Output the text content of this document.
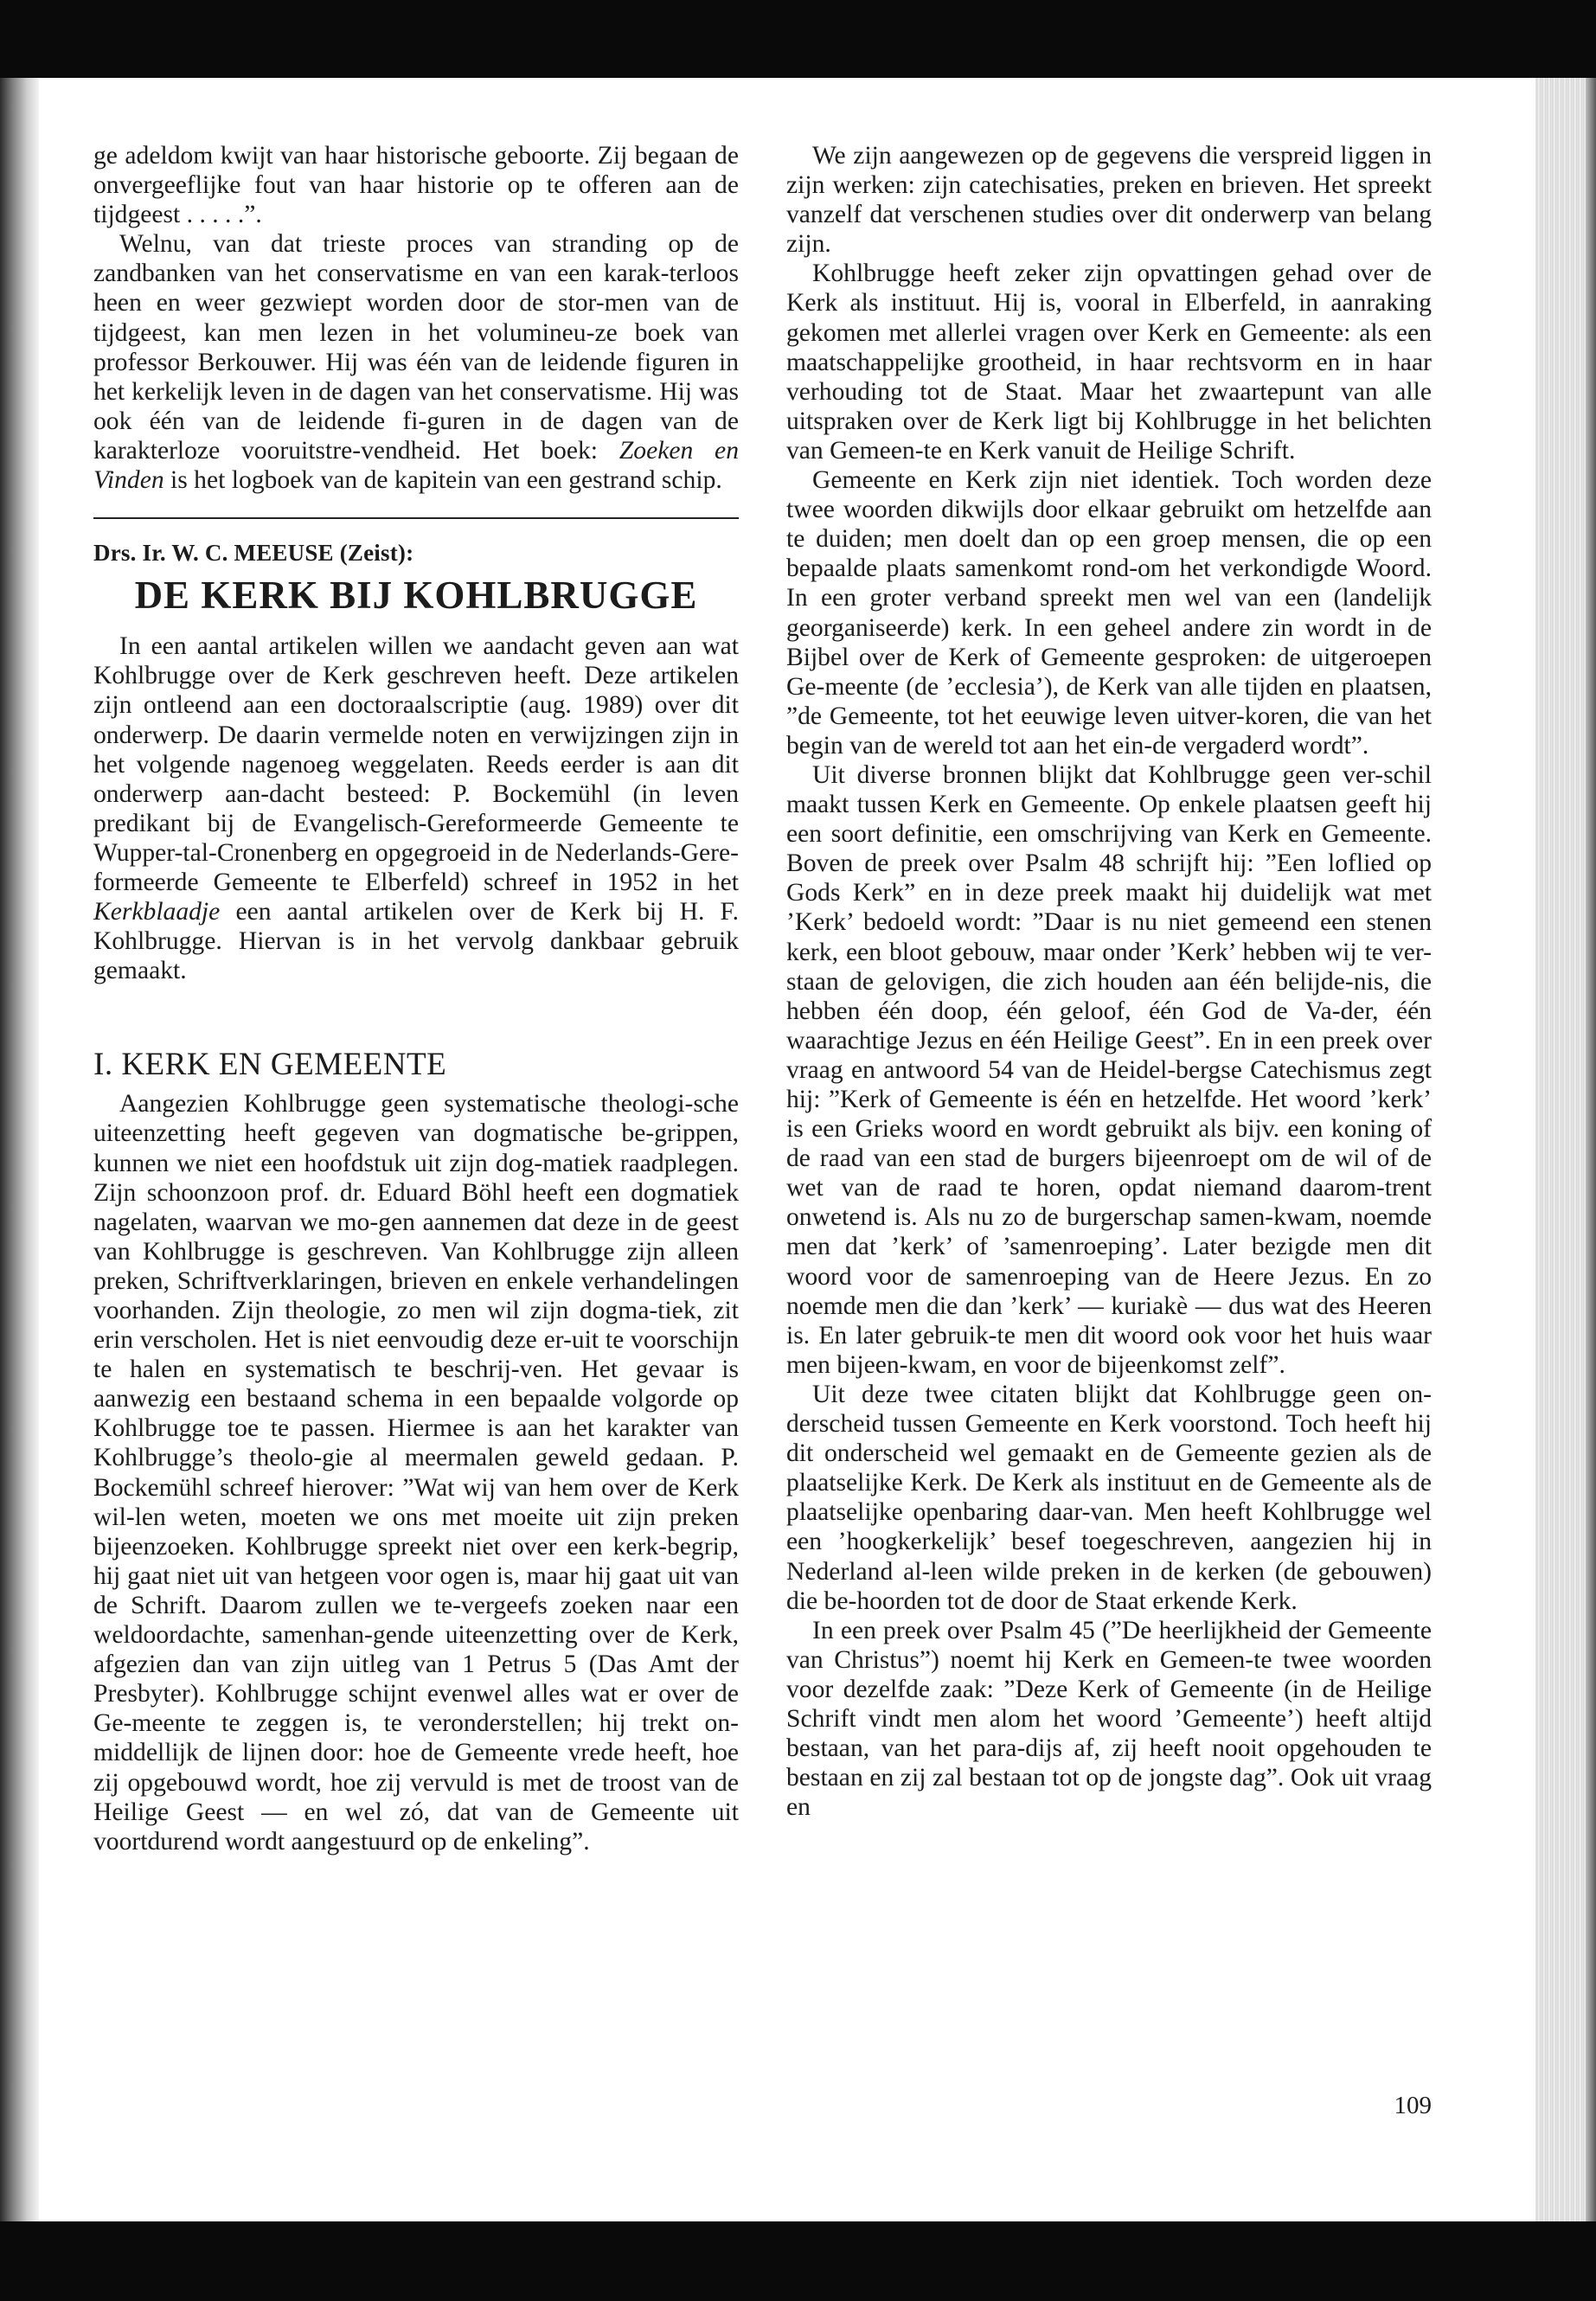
ge adeldom kwijt van haar historische geboorte. Zij begaan de onvergeeflijke fout van haar historie op te offeren aan de tijdgeest . . . . .”.

Welnu, van dat trieste proces van stranding op de zandbanken van het conservatisme en van een karak-terloos heen en weer gezwiept worden door de stor-men van de tijdgeest, kan men lezen in het volumineu-ze boek van professor Berkouwer. Hij was één van de leidende figuren in het kerkelijk leven in de dagen van het conservatisme. Hij was ook één van de leidende fi-guren in de dagen van de karakterloze vooruitstre-vendheid. Het boek: Zoeken en Vinden is het logboek van de kapitein van een gestrand schip.

Drs. Ir. W. C. MEEUSE (Zeist):
DE KERK BIJ KOHLBRUGGE

In een aantal artikelen willen we aandacht geven aan wat Kohlbrugge over de Kerk geschreven heeft. Deze artikelen zijn ontleend aan een doctoraalscriptie (aug. 1989) over dit onderwerp. De daarin vermelde noten en verwijzingen zijn in het volgende nagenoeg weggelaten. Reeds eerder is aan dit onderwerp aan-dacht besteed: P. Bockemühl (in leven predikant bij de Evangelisch-Gereformeerde Gemeente te Wupper-tal-Cronenberg en opgegroeid in de Nederlands-Gere-formeerde Gemeente te Elberfeld) schreef in 1952 in het Kerkblaadje een aantal artikelen over de Kerk bij H. F. Kohlbrugge. Hiervan is in het vervolg dankbaar gebruik gemaakt.

I. KERK EN GEMEENTE

Aangezien Kohlbrugge geen systematische theologi-sche uiteenzetting heeft gegeven van dogmatische be-grippen, kunnen we niet een hoofdstuk uit zijn dog-matiek raadplegen. Zijn schoonzoon prof. dr. Eduard Böhl heeft een dogmatiek nagelaten, waarvan we mo-gen aannemen dat deze in de geest van Kohlbrugge is geschreven. Van Kohlbrugge zijn alleen preken, Schriftverklaringen, brieven en enkele verhandelingen voorhanden. Zijn theologie, zo men wil zijn dogma-tiek, zit erin verscholen. Het is niet eenvoudig deze er-uit te voorschijn te halen en systematisch te beschrij-ven. Het gevaar is aanwezig een bestaand schema in een bepaalde volgorde op Kohlbrugge toe te passen. Hiermee is aan het karakter van Kohlbrugge’s theolo-gie al meermalen geweld gedaan. P. Bockemühl schreef hierover: ”Wat wij van hem over de Kerk wil-len weten, moeten we ons met moeite uit zijn preken bijeenzoeken. Kohlbrugge spreekt niet over een kerk-begrip, hij gaat niet uit van hetgeen voor ogen is, maar hij gaat uit van de Schrift. Daarom zullen we te-vergeefs zoeken naar een weldoordachte, samenhan-gende uiteenzetting over de Kerk, afgezien dan van zijn uitleg van 1 Petrus 5 (Das Amt der Presbyter). Kohlbrugge schijnt evenwel alles wat er over de Ge-meente te zeggen is, te veronderstellen; hij trekt on-middellijk de lijnen door: hoe de Gemeente vrede heeft, hoe zij opgebouwd wordt, hoe zij vervuld is met de troost van de Heilige Geest — en wel zó, dat van de Gemeente uit voortdurend wordt aangestuurd op de enkeling”.

We zijn aangewezen op de gegevens die verspreid liggen in zijn werken: zijn catechisaties, preken en brieven. Het spreekt vanzelf dat verschenen studies over dit onderwerp van belang zijn.

Kohlbrugge heeft zeker zijn opvattingen gehad over de Kerk als instituut. Hij is, vooral in Elberfeld, in aanraking gekomen met allerlei vragen over Kerk en Gemeente: als een maatschappelijke grootheid, in haar rechtsvorm en in haar verhouding tot de Staat. Maar het zwaartepunt van alle uitspraken over de Kerk ligt bij Kohlbrugge in het belichten van Gemeen-te en Kerk vanuit de Heilige Schrift.

Gemeente en Kerk zijn niet identiek. Toch worden deze twee woorden dikwijls door elkaar gebruikt om hetzelfde aan te duiden; men doelt dan op een groep mensen, die op een bepaalde plaats samenkomt rond-om het verkondigde Woord. In een groter verband spreekt men wel van een (landelijk georganiseerde) kerk. In een geheel andere zin wordt in de Bijbel over de Kerk of Gemeente gesproken: de uitgeroepen Ge-meente (de ’ecclesia’), de Kerk van alle tijden en plaatsen, ”de Gemeente, tot het eeuwige leven uitver-koren, die van het begin van de wereld tot aan het ein-de vergaderd wordt”.

Uit diverse bronnen blijkt dat Kohlbrugge geen ver-schil maakt tussen Kerk en Gemeente. Op enkele plaatsen geeft hij een soort definitie, een omschrijving van Kerk en Gemeente. Boven de preek over Psalm 48 schrijft hij: ”Een loflied op Gods Kerk” en in deze preek maakt hij duidelijk wat met ’Kerk’ bedoeld wordt: ”Daar is nu niet gemeend een stenen kerk, een bloot gebouw, maar onder ’Kerk’ hebben wij te ver-staan de gelovigen, die zich houden aan één belijde-nis, die hebben één doop, één geloof, één God de Va-der, één waarachtige Jezus en één Heilige Geest”. En in een preek over vraag en antwoord 54 van de Heidel-bergse Catechismus zegt hij: ”Kerk of Gemeente is één en hetzelfde. Het woord ’kerk’ is een Grieks woord en wordt gebruikt als bijv. een koning of de raad van een stad de burgers bijeenroept om de wil of de wet van de raad te horen, opdat niemand daarom-trent onwetend is. Als nu zo de burgerschap samen-kwam, noemde men dat ’kerk’ of ’samenroeping’. Later bezigde men dit woord voor de samenroeping van de Heere Jezus. En zo noemde men die dan ’kerk’ — kuriakè — dus wat des Heeren is. En later gebruik-te men dit woord ook voor het huis waar men bijeen-kwam, en voor de bijeenkomst zelf”.

Uit deze twee citaten blijkt dat Kohlbrugge geen on-derscheid tussen Gemeente en Kerk voorstond. Toch heeft hij dit onderscheid wel gemaakt en de Gemeente gezien als de plaatselijke Kerk. De Kerk als instituut en de Gemeente als de plaatselijke openbaring daar-van. Men heeft Kohlbrugge wel een ’hoogkerkelijk’ besef toegeschreven, aangezien hij in Nederland al-leen wilde preken in de kerken (de gebouwen) die be-hoorden tot de door de Staat erkende Kerk.

In een preek over Psalm 45 (”De heerlijkheid der Gemeente van Christus”) noemt hij Kerk en Gemeen-te twee woorden voor dezelfde zaak: ”Deze Kerk of Gemeente (in de Heilige Schrift vindt men alom het woord ’Gemeente’) heeft altijd bestaan, van het para-dijs af, zij heeft nooit opgehouden te bestaan en zij zal bestaan tot op de jongste dag”. Ook uit vraag en

109
